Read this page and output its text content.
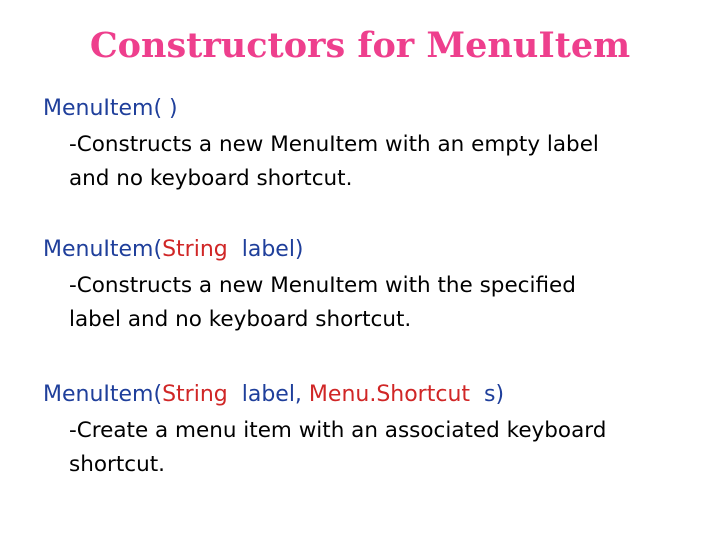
Constructors for MenuItem

MenuItem( )

-Constructs a new MenuItem with an empty label
and no keyboard shortcut.

MenuItem(String  label)

-Constructs a new MenuItem with the specified
label and no keyboard shortcut.

MenuItem(String  label, Menu.Shortcut  s)

-Create a menu item with an associated keyboard
shortcut.
